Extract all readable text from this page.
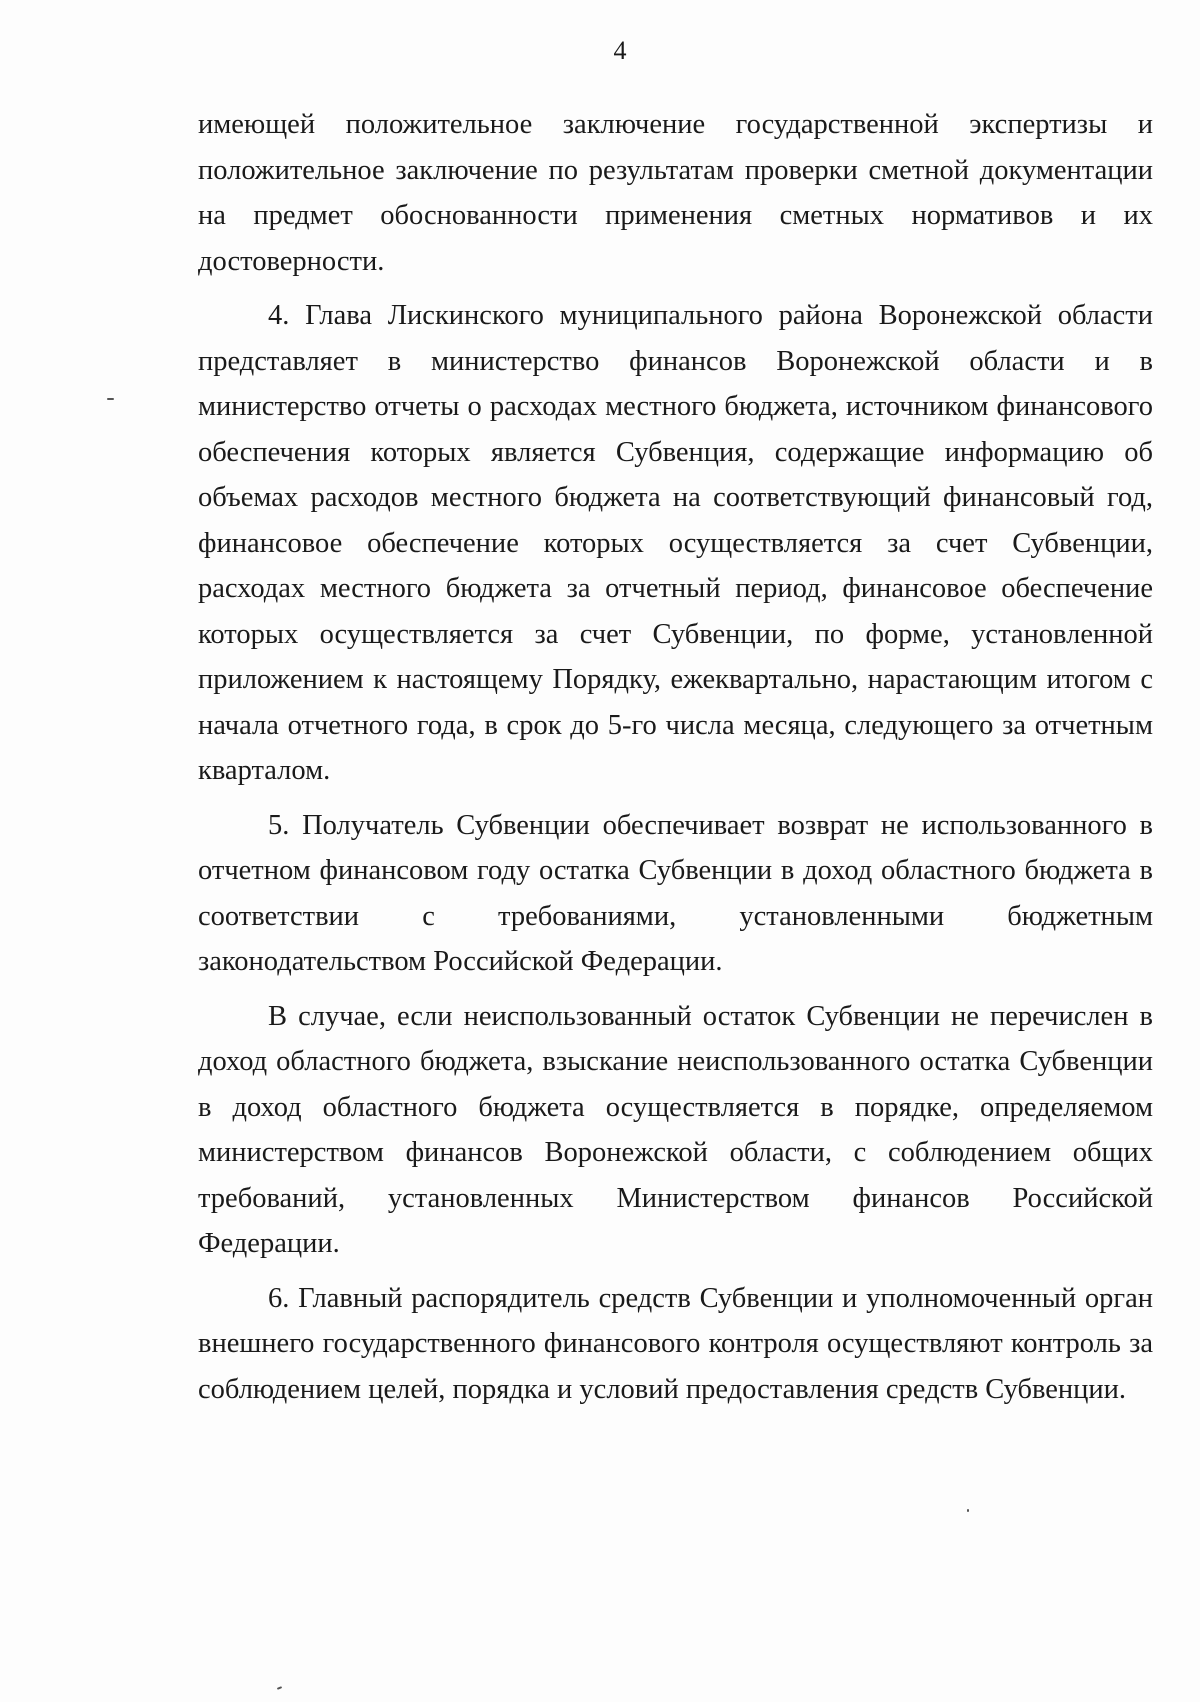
4

имеющей положительное заключение государственной экспертизы и положительное заключение по результатам проверки сметной документации на предмет обоснованности применения сметных нормативов и их достоверности.

4. Глава Лискинского муниципального района Воронежской области представляет в министерство финансов Воронежской области и в министерство отчеты о расходах местного бюджета, источником финансового обеспечения которых является Субвенция, содержащие информацию об объемах расходов местного бюджета на соответствующий финансовый год, финансовое обеспечение которых осуществляется за счет Субвенции, расходах местного бюджета за отчетный период, финансовое обеспечение которых осуществляется за счет Субвенции, по форме, установленной приложением к настоящему Порядку, ежеквартально, нарастающим итогом с начала отчетного года, в срок до 5-го числа месяца, следующего за отчетным кварталом.

5. Получатель Субвенции обеспечивает возврат не использованного в отчетном финансовом году остатка Субвенции в доход областного бюджета в соответствии с требованиями, установленными бюджетным законодательством Российской Федерации.

В случае, если неиспользованный остаток Субвенции не перечислен в доход областного бюджета, взыскание неиспользованного остатка Субвенции в доход областного бюджета осуществляется в порядке, определяемом министерством финансов Воронежской области, с соблюдением общих требований, установленных Министерством финансов Российской Федерации.

6. Главный распорядитель средств Субвенции и уполномоченный орган внешнего государственного финансового контроля осуществляют контроль за соблюдением целей, порядка и условий предоставления средств Субвенции.
